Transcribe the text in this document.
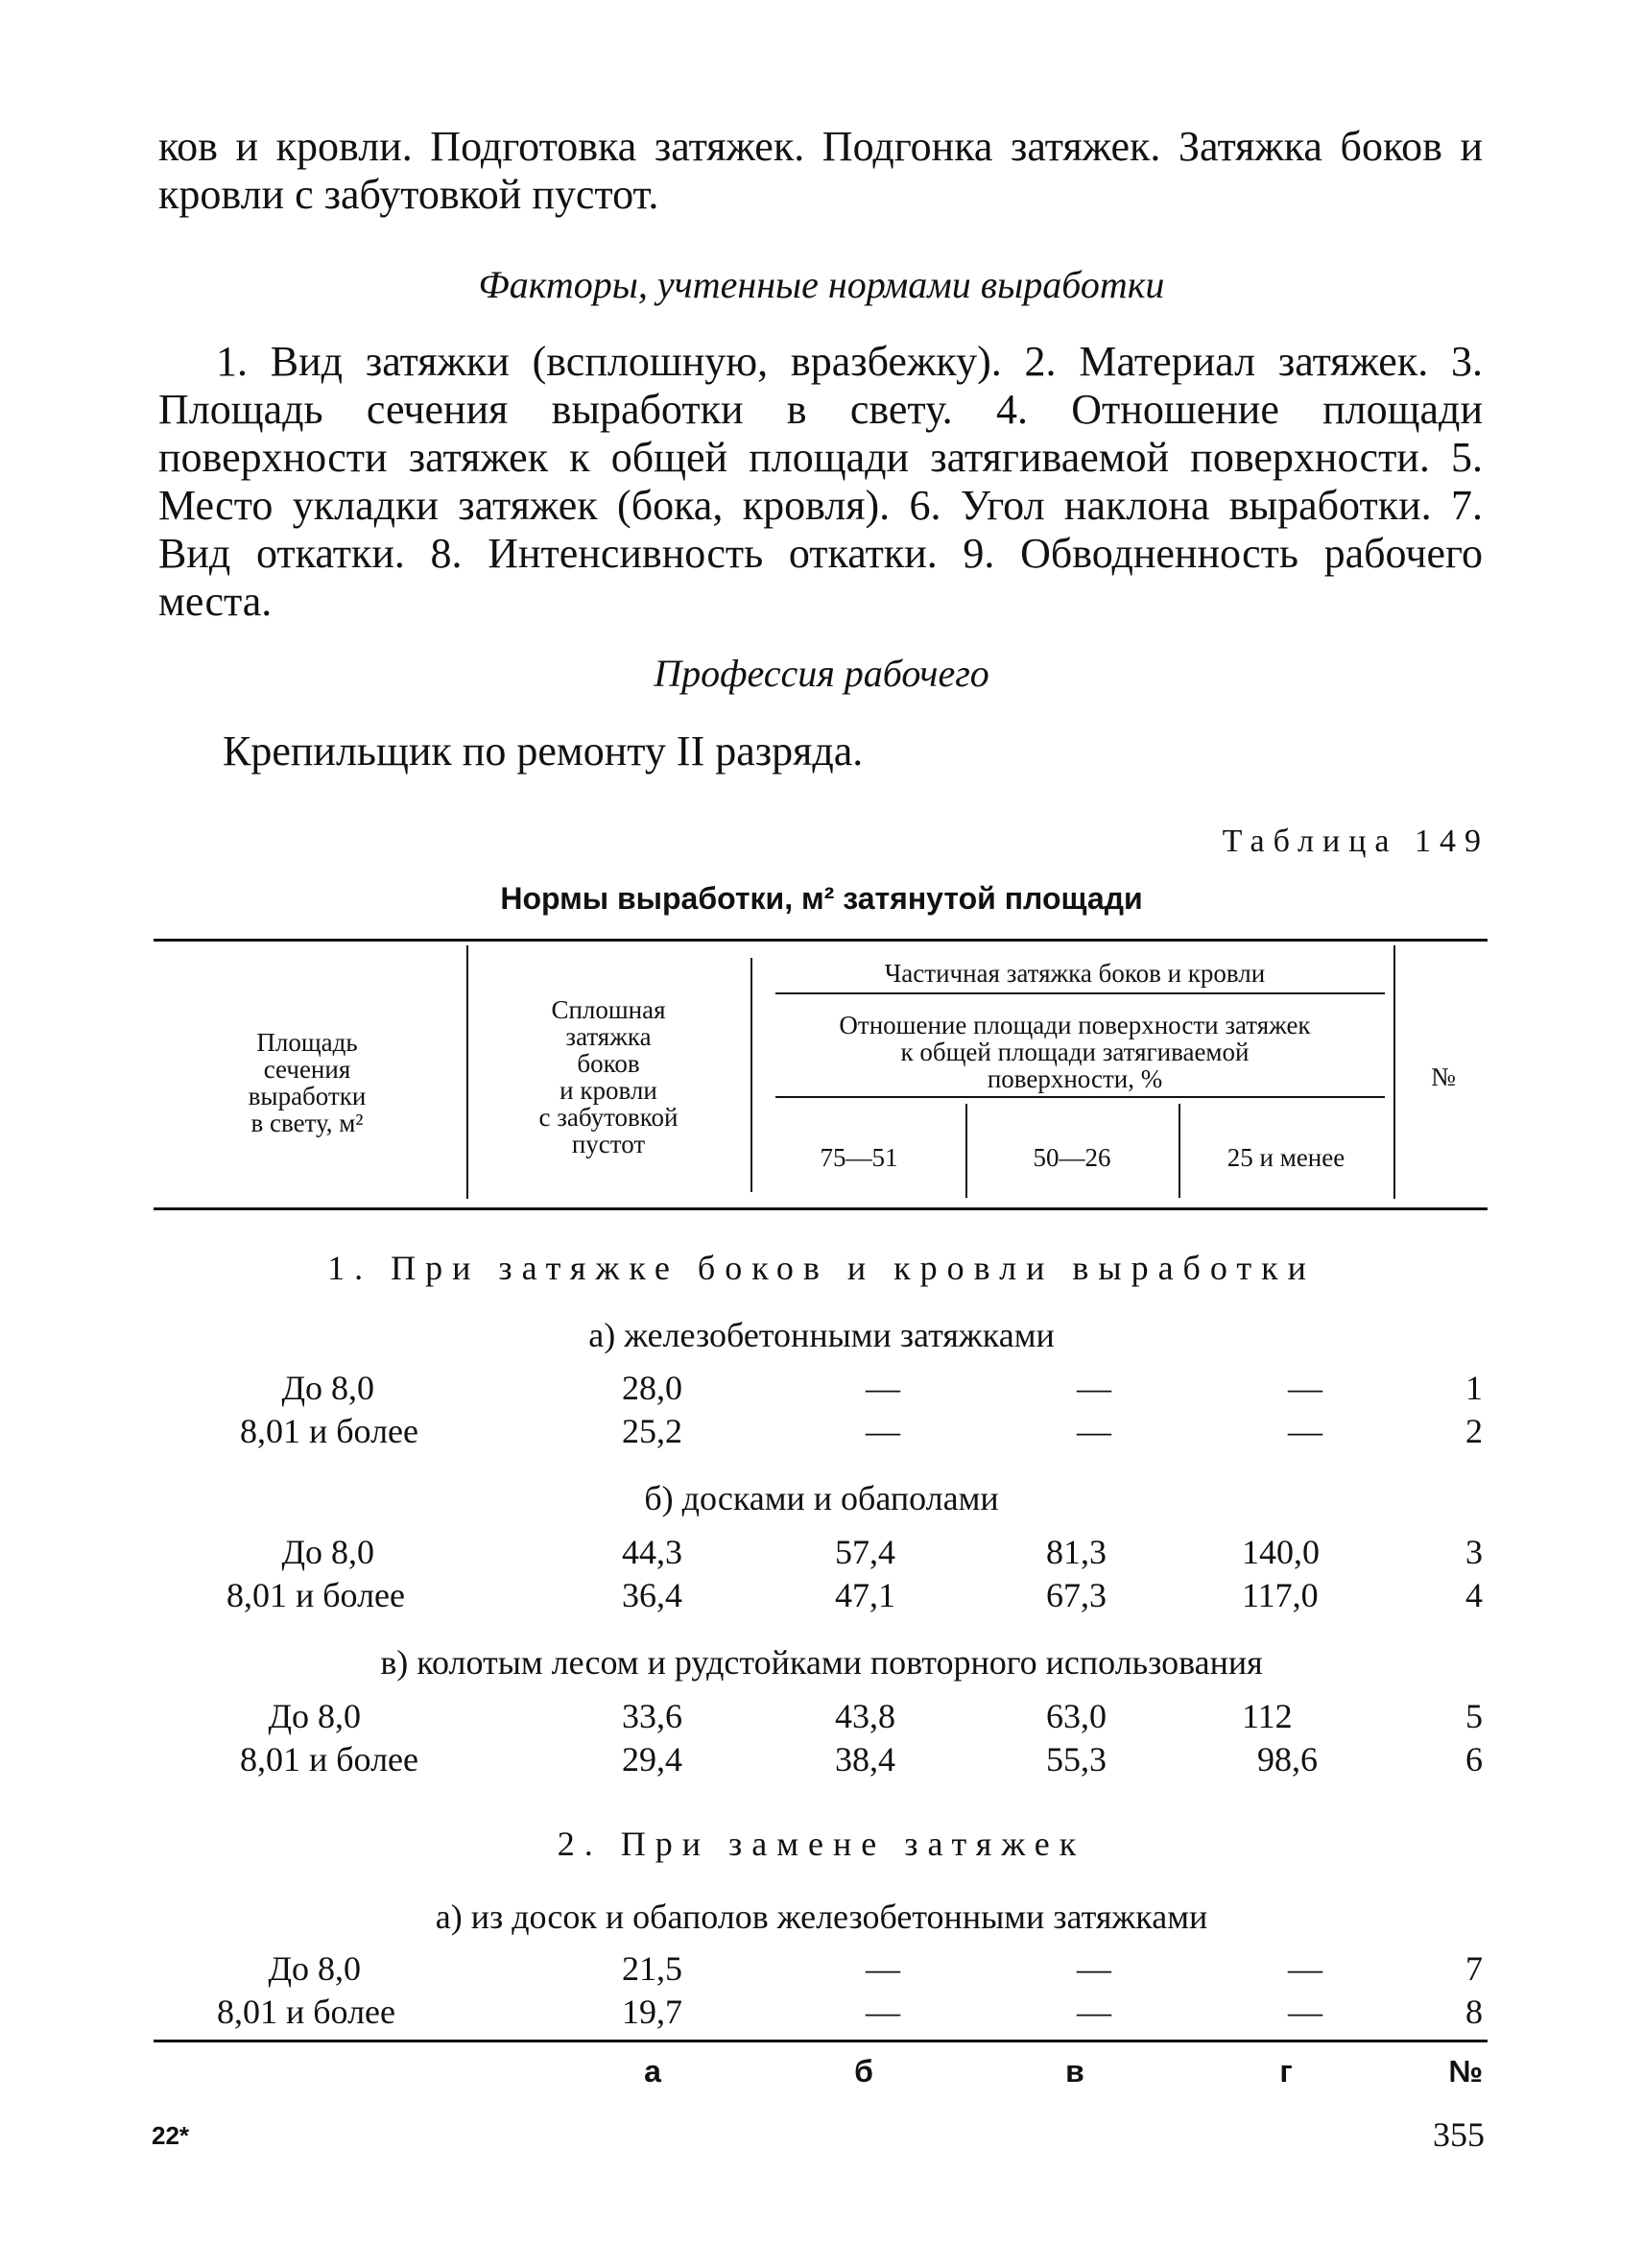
ков и кровли. Подготовка затяжек. Подгонка затяжек. Затяжка боков и кровли с забутовкой пустот.
Факторы, учтенные нормами выработки
1. Вид затяжки (всплошную, вразбежку). 2. Материал затяжек. 3. Площадь сечения выработки в свету. 4. Отношение площади поверхности затяжек к общей площади затягиваемой поверхности. 5. Место укладки затяжек (бока, кровля). 6. Угол наклона выработки. 7. Вид откатки. 8. Интенсивность откатки. 9. Обводненность рабочего места.
Профессия рабочего
Крепильщик по ремонту II разряда.
Таблица 149
Нормы выработки, м² затянутой площади
Площадь
сечения
выработки
в свету, м²
Сплошная
затяжка
боков
и кровли
с забутовкой
пустот
Частичная затяжка боков и кровли
Отношение площади поверхности затяжек
к общей площади затягиваемой
поверхности, %
75—51	50—26	25 и менее
№
1. При затяжке боков и кровли выработки
а) железобетонными затяжками
До 8,0	28,0	—	—	—	1
8,01 и более	25,2	—	—	—	2
б) досками и обаполами
До 8,0	44,3	57,4	81,3	140,0	3
8,01 и более	36,4	47,1	67,3	117,0	4
в) колотым лесом и рудстойками повторного использования
До 8,0	33,6	43,8	63,0	112	5
8,01 и более	29,4	38,4	55,3	98,6	6
2. При замене затяжек
а) из досок и обаполов железобетонными затяжками
До 8,0	21,5	—	—	—	7
8,01 и более	19,7	—	—	—	8
а	б	в	г	№
22*	355
